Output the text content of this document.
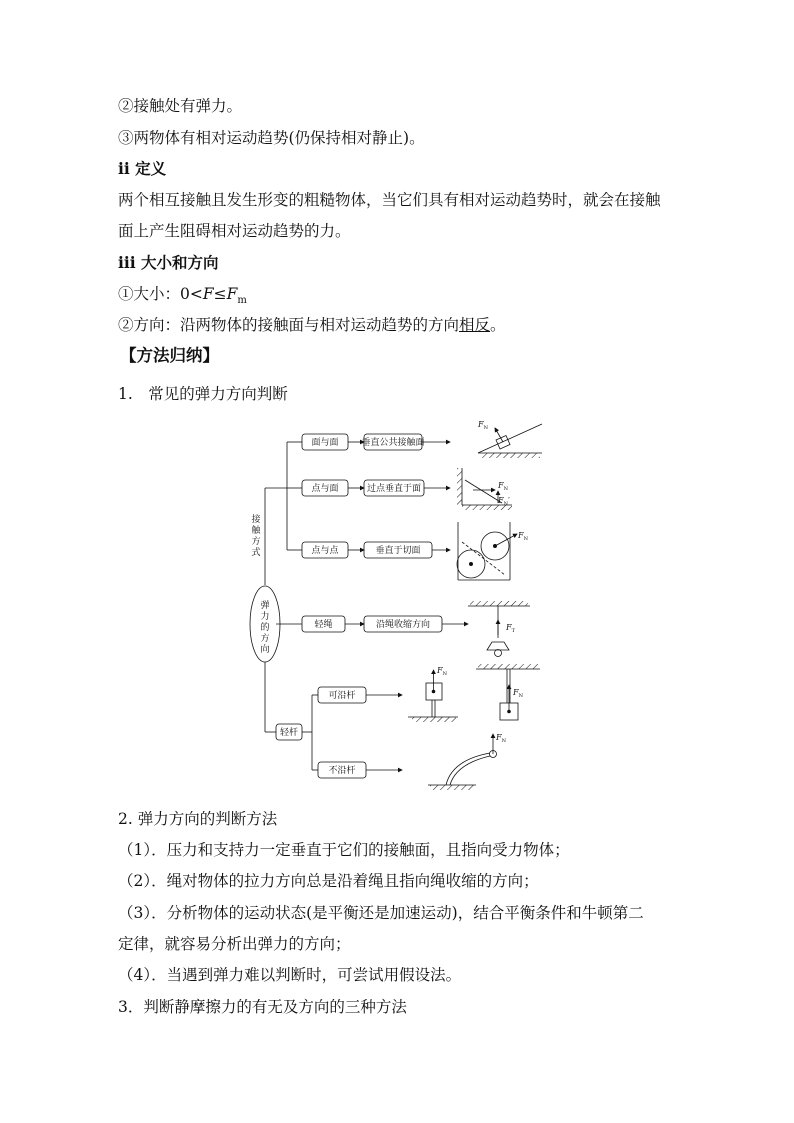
②接触处有弹力。
③两物体有相对运动趋势(仍保持相对静止)。
ⅱ 定义
两个相互接触且发生形变的粗糙物体，当它们具有相对运动趋势时，就会在接触
面上产生阻碍相对运动趋势的力。
ⅲ 大小和方向
①大小：$0<F\le F_m$
②方向：沿两物体的接触面与相对运动趋势的方向相反。
【方法归纳】
1.　常见的弹力方向判断
面与面
点与面
点与点
垂直公共接触面
过点垂直于面
垂直于切面
轻绳	沿绳收缩方向
轻杆
可沿杆
不沿杆
接触方式
弹力的方向
$F_N$
$F_N$
$F_N'$
$F_N$
$F_T$
$F_N$
$F_N$
$F_N$
2. 弹力方向的判断方法
（1）．压力和支持力一定垂直于它们的接触面，且指向受力物体；
（2）．绳对物体的拉力方向总是沿着绳且指向绳收缩的方向；
（3）．分析物体的运动状态(是平衡还是加速运动)，结合平衡条件和牛顿第二
定律，就容易分析出弹力的方向；
（4）．当遇到弹力难以判断时，可尝试用假设法。
3．判断静摩擦力的有无及方向的三种方法
